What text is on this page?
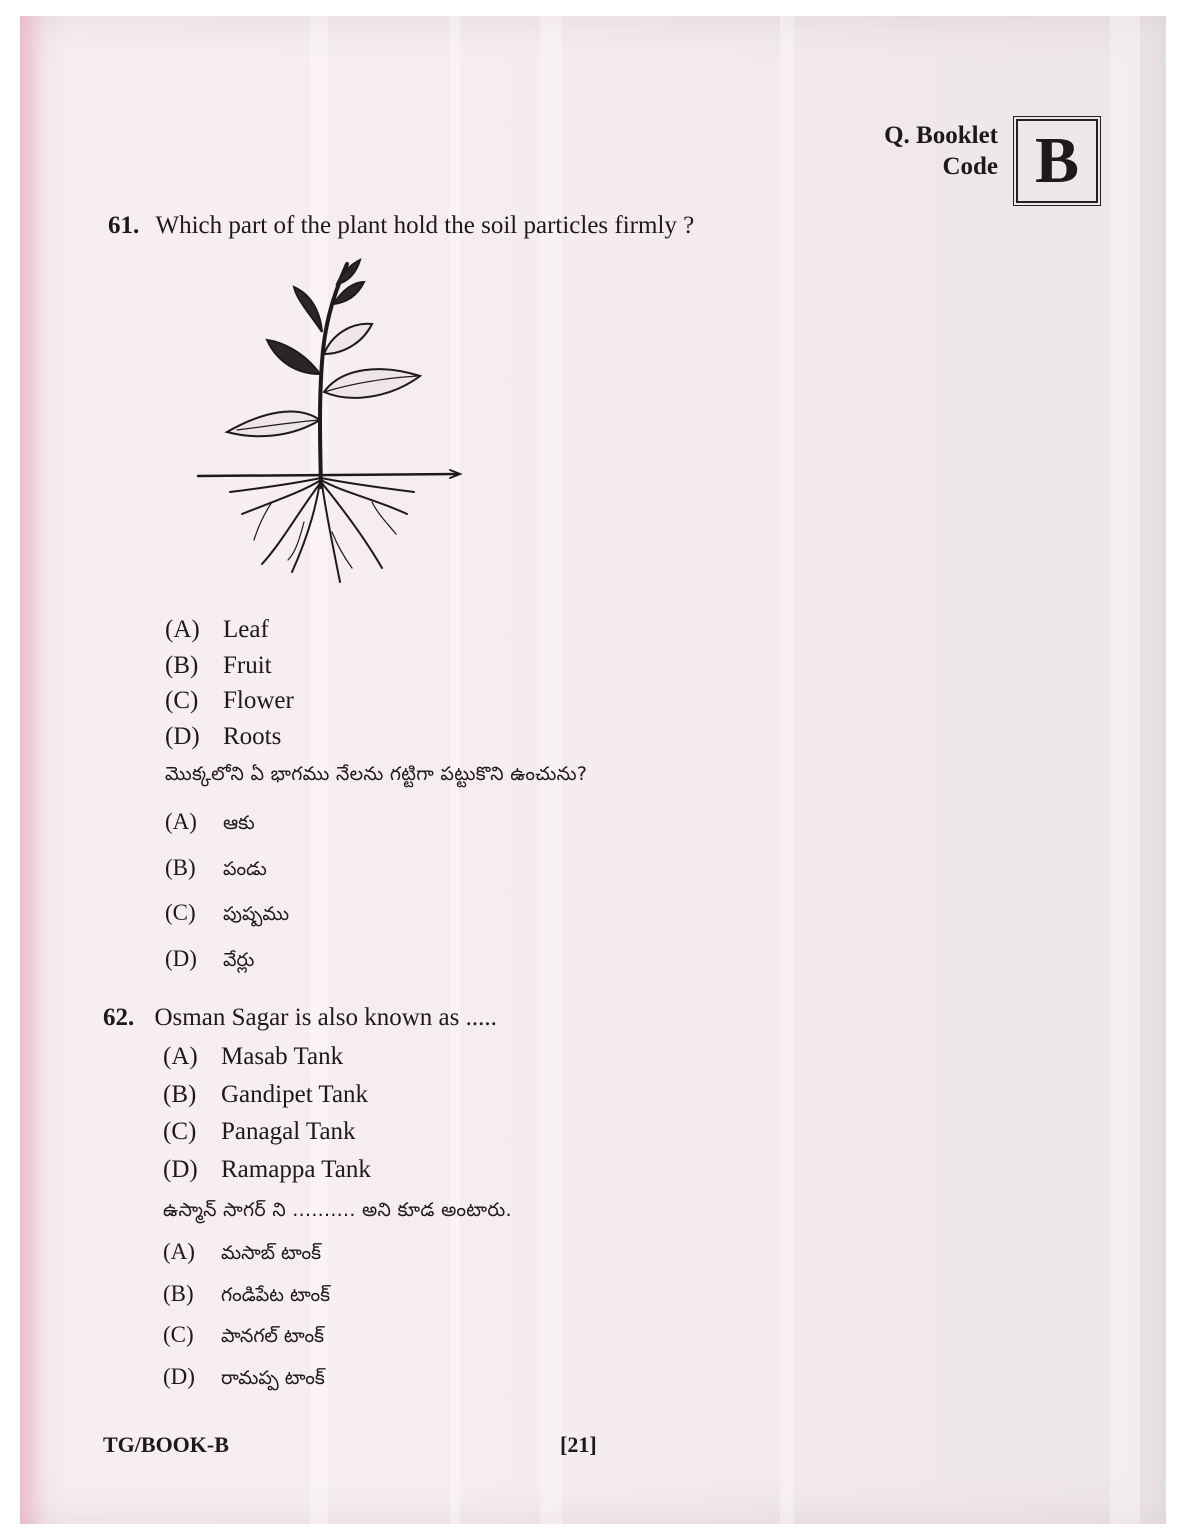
Q. Booklet
Code B
61. Which part of the plant hold the soil particles firmly ?
(A) Leaf
(B) Fruit
(C) Flower
(D) Roots
మొక్కలోని ఏ భాగము నేలను గట్టిగా పట్టుకొని ఉంచును?
(A) ఆకు
(B) పండు
(C) పుష్పము
(D) వేర్లు
62. Osman Sagar is also known as .....
(A) Masab Tank
(B) Gandipet Tank
(C) Panagal Tank
(D) Ramappa Tank
ఉస్మాన్ సాగర్ ని .......... అని కూడ అంటారు.
(A) మసాబ్ టాంక్
(B) గండిపేట టాంక్
(C) పానగల్ టాంక్
(D) రామప్ప టాంక్
TG/BOOK-B	[21]
